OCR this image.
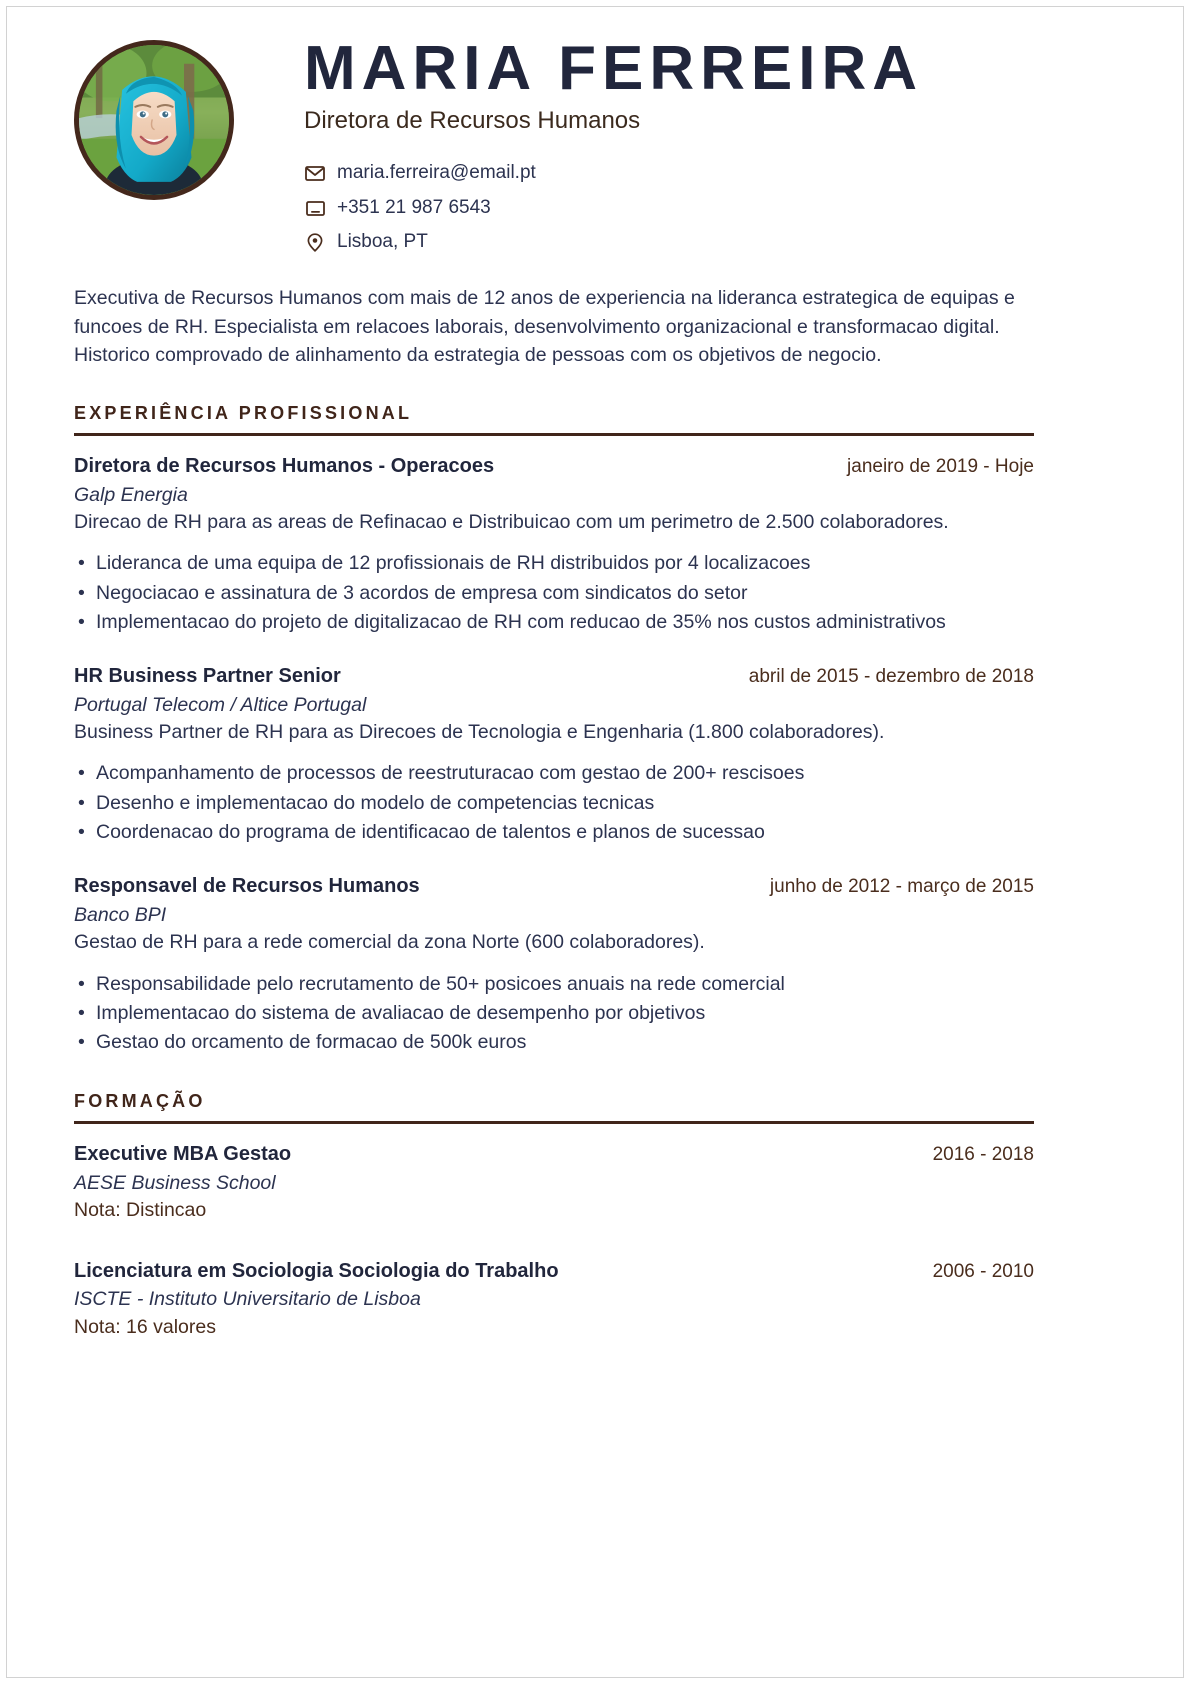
MARIA FERREIRA
Diretora de Recursos Humanos
maria.ferreira@email.pt
+351 21 987 6543
Lisboa, PT
Executiva de Recursos Humanos com mais de 12 anos de experiencia na lideranca estrategica de equipas e funcoes de RH. Especialista em relacoes laborais, desenvolvimento organizacional e transformacao digital. Historico comprovado de alinhamento da estrategia de pessoas com os objetivos de negocio.
EXPERIÊNCIA PROFISSIONAL
Diretora de Recursos Humanos - Operacoes	janeiro de 2019 - Hoje
Galp Energia
Direcao de RH para as areas de Refinacao e Distribuicao com um perimetro de 2.500 colaboradores.
• Lideranca de uma equipa de 12 profissionais de RH distribuidos por 4 localizacoes
• Negociacao e assinatura de 3 acordos de empresa com sindicatos do setor
• Implementacao do projeto de digitalizacao de RH com reducao de 35% nos custos administrativos
HR Business Partner Senior	abril de 2015 - dezembro de 2018
Portugal Telecom / Altice Portugal
Business Partner de RH para as Direcoes de Tecnologia e Engenharia (1.800 colaboradores).
• Acompanhamento de processos de reestruturacao com gestao de 200+ rescisoes
• Desenho e implementacao do modelo de competencias tecnicas
• Coordenacao do programa de identificacao de talentos e planos de sucessao
Responsavel de Recursos Humanos	junho de 2012 - março de 2015
Banco BPI
Gestao de RH para a rede comercial da zona Norte (600 colaboradores).
• Responsabilidade pelo recrutamento de 50+ posicoes anuais na rede comercial
• Implementacao do sistema de avaliacao de desempenho por objetivos
• Gestao do orcamento de formacao de 500k euros
FORMAÇÃO
Executive MBA Gestao	2016 - 2018
AESE Business School
Nota: Distincao
Licenciatura em Sociologia Sociologia do Trabalho	2006 - 2010
ISCTE - Instituto Universitario de Lisboa
Nota: 16 valores
